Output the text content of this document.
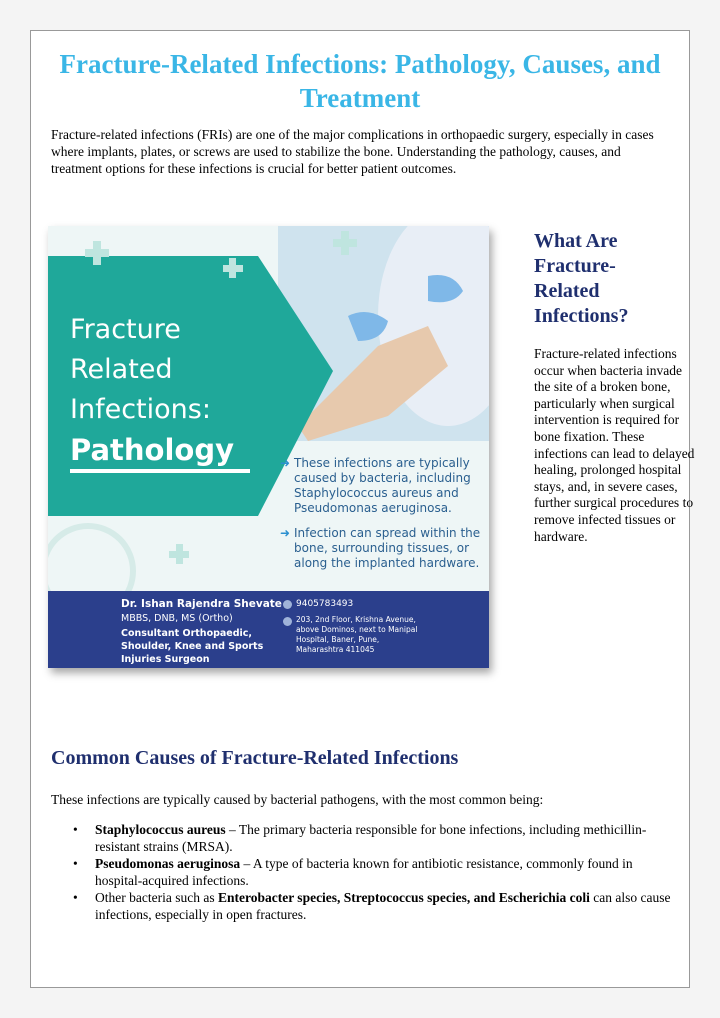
Fracture-Related Infections: Pathology, Causes, and Treatment

Fracture-related infections (FRIs) are one of the major complications in orthopaedic surgery, especially in cases where implants, plates, or screws are used to stabilize the bone. Understanding the pathology, causes, and treatment options for these infections is crucial for better patient outcomes.

Fracture
Related
Infections:
Pathology	➜ These infections are typically caused by bacteria, including Staphylococcus aureus and Pseudomonas aeruginosa.

➜ Infection can spread within the bone, surrounding tissues, or along the implanted hardware.

Dr. Ishan Rajendra Shevate

MBBS, DNB, MS (Ortho)

Consultant Orthopaedic, Shoulder, Knee and Sports Injuries Surgeon

9405783493

203, 2nd Floor, Krishna Avenue, above Dominos, next to Manipal Hospital, Baner, Pune, Maharashtra 411045

What Are Fracture-Related Infections?

Fracture-related infections occur when bacteria invade the site of a broken bone, particularly when surgical intervention is required for bone fixation. These infections can lead to delayed healing, prolonged hospital stays, and, in severe cases, further surgical procedures to remove infected tissues or hardware.

Common Causes of Fracture-Related Infections

These infections are typically caused by bacterial pathogens, with the most common being:

• Staphylococcus aureus – The primary bacteria responsible for bone infections, including methicillin-resistant strains (MRSA).
• Pseudomonas aeruginosa – A type of bacteria known for antibiotic resistance, commonly found in hospital-acquired infections.
• Other bacteria such as Enterobacter species, Streptococcus species, and Escherichia coli can also cause infections, especially in open fractures.
